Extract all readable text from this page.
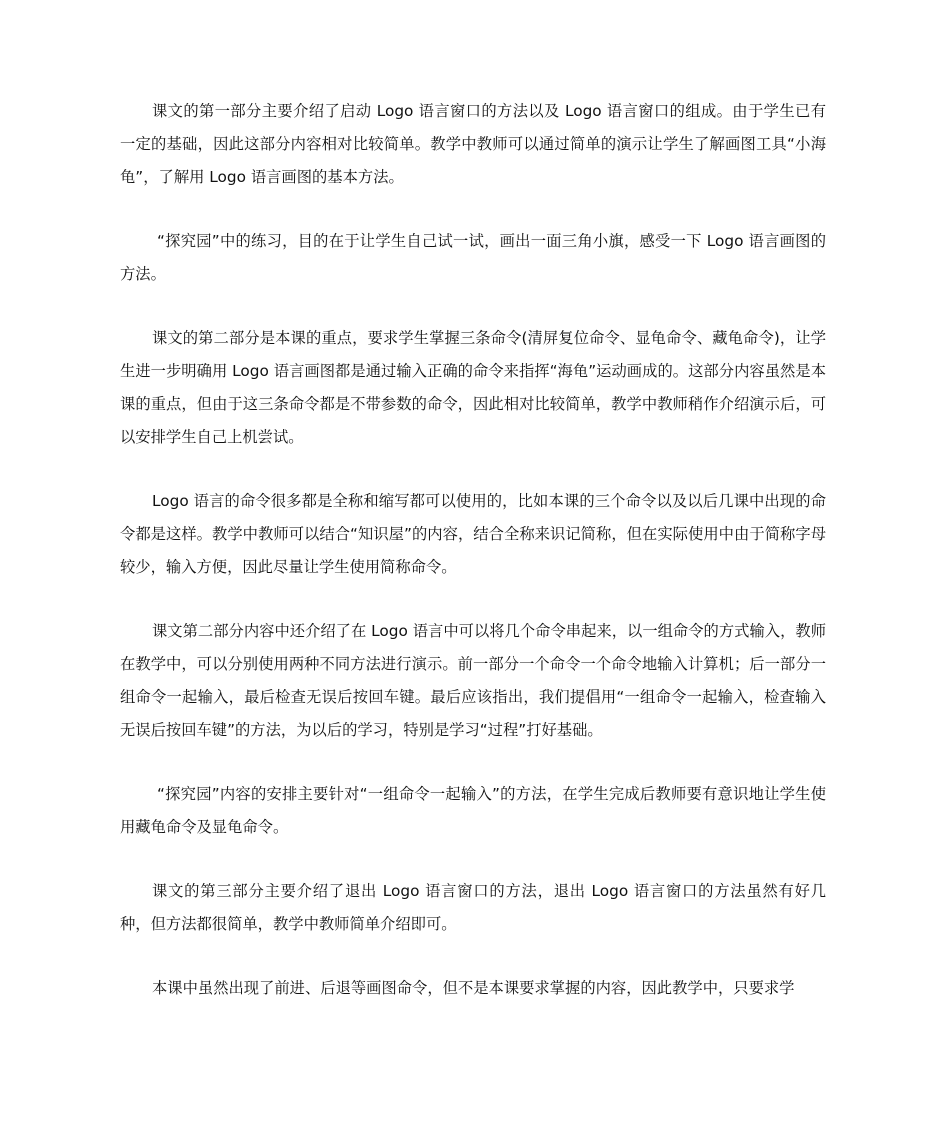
课文的第一部分主要介绍了启动 Logo 语言窗口的方法以及 Logo 语言窗口的组成。由于学生已有一定的基础，因此这部分内容相对比较简单。教学中教师可以通过简单的演示让学生了解画图工具“小海龟”，了解用 Logo 语言画图的基本方法。

“探究园”中的练习，目的在于让学生自己试一试，画出一面三角小旗，感受一下 Logo 语言画图的方法。

课文的第二部分是本课的重点，要求学生掌握三条命令(清屏复位命令、显龟命令、藏龟命令)，让学生进一步明确用 Logo 语言画图都是通过输入正确的命令来指挥“海龟”运动画成的。这部分内容虽然是本课的重点，但由于这三条命令都是不带参数的命令，因此相对比较简单，教学中教师稍作介绍演示后，可以安排学生自己上机尝试。

Logo 语言的命令很多都是全称和缩写都可以使用的，比如本课的三个命令以及以后几课中出现的命令都是这样。教学中教师可以结合“知识屋”的内容，结合全称来识记简称，但在实际使用中由于简称字母较少，输入方便，因此尽量让学生使用简称命令。

课文第二部分内容中还介绍了在 Logo 语言中可以将几个命令串起来，以一组命令的方式输入，教师在教学中，可以分别使用两种不同方法进行演示。前一部分一个命令一个命令地输入计算机；后一部分一组命令一起输入，最后检查无误后按回车键。最后应该指出，我们提倡用“一组命令一起输入，检查输入无误后按回车键”的方法，为以后的学习，特别是学习“过程”打好基础。

“探究园”内容的安排主要针对“一组命令一起输入”的方法，在学生完成后教师要有意识地让学生使用藏龟命令及显龟命令。

课文的第三部分主要介绍了退出 Logo 语言窗口的方法，退出 Logo 语言窗口的方法虽然有好几种，但方法都很简单，教学中教师简单介绍即可。

本课中虽然出现了前进、后退等画图命令，但不是本课要求掌握的内容，因此教学中，只要求学
